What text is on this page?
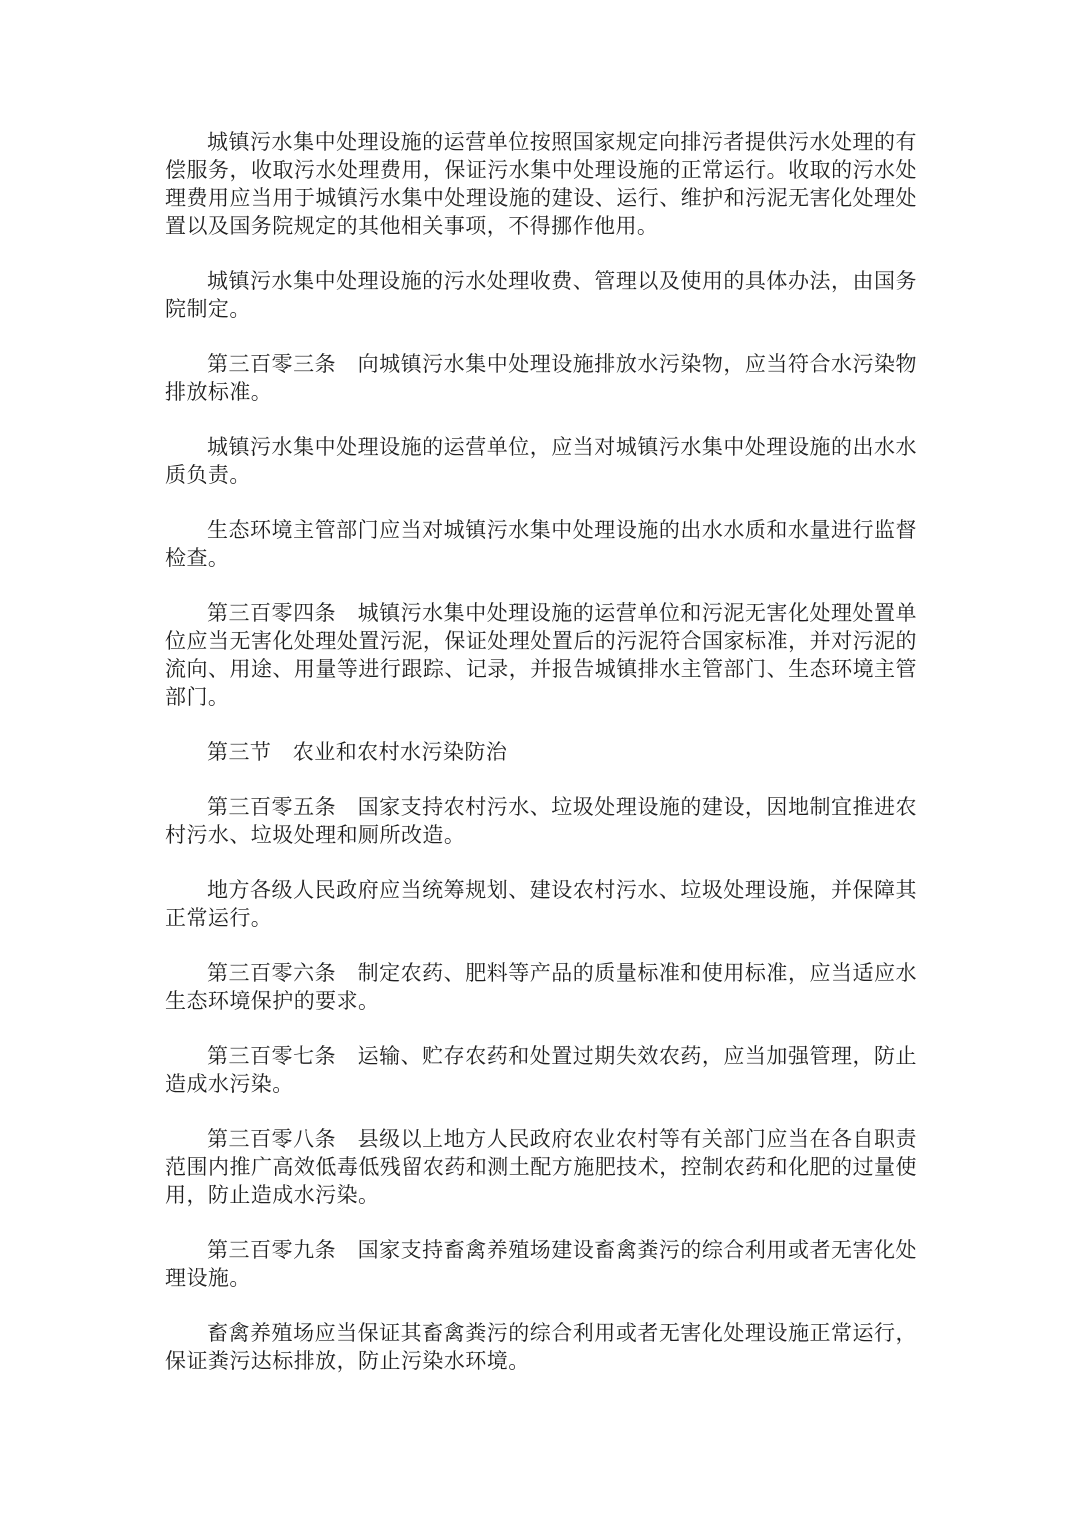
城镇污水集中处理设施的运营单位按照国家规定向排污者提供污水处理的有偿服务，收取污水处理费用，保证污水集中处理设施的正常运行。收取的污水处理费用应当用于城镇污水集中处理设施的建设、运行、维护和污泥无害化处理处置以及国务院规定的其他相关事项，不得挪作他用。

城镇污水集中处理设施的污水处理收费、管理以及使用的具体办法，由国务院制定。

第三百零三条　向城镇污水集中处理设施排放水污染物，应当符合水污染物排放标准。

城镇污水集中处理设施的运营单位，应当对城镇污水集中处理设施的出水水质负责。

生态环境主管部门应当对城镇污水集中处理设施的出水水质和水量进行监督检查。

第三百零四条　城镇污水集中处理设施的运营单位和污泥无害化处理处置单位应当无害化处理处置污泥，保证处理处置后的污泥符合国家标准，并对污泥的流向、用途、用量等进行跟踪、记录，并报告城镇排水主管部门、生态环境主管部门。

第三节　农业和农村水污染防治

第三百零五条　国家支持农村污水、垃圾处理设施的建设，因地制宜推进农村污水、垃圾处理和厕所改造。

地方各级人民政府应当统筹规划、建设农村污水、垃圾处理设施，并保障其正常运行。

第三百零六条　制定农药、肥料等产品的质量标准和使用标准，应当适应水生态环境保护的要求。

第三百零七条　运输、贮存农药和处置过期失效农药，应当加强管理，防止造成水污染。

第三百零八条　县级以上地方人民政府农业农村等有关部门应当在各自职责范围内推广高效低毒低残留农药和测土配方施肥技术，控制农药和化肥的过量使用，防止造成水污染。

第三百零九条　国家支持畜禽养殖场建设畜禽粪污的综合利用或者无害化处理设施。

畜禽养殖场应当保证其畜禽粪污的综合利用或者无害化处理设施正常运行，保证粪污达标排放，防止污染水环境。
